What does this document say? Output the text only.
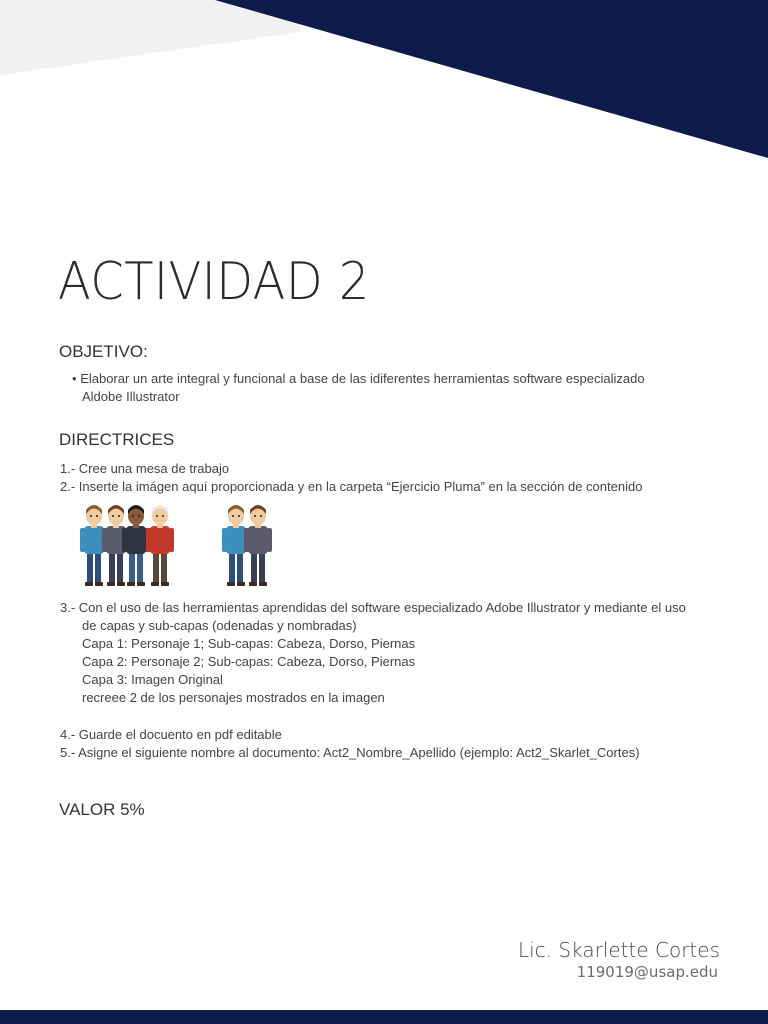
ACTIVIDAD 2
OBJETIVO:
• Elaborar un arte integral y funcional a base de las idiferentes herramientas software especializado
Aldobe Illustrator
DIRECTRICES

1.- Cree una mesa de trabajo

2.- Inserte la imágen aquí proporcionada y en la carpeta “Ejercicio Pluma” en la sección de contenido

3.- Con el uso de las herramientas aprendidas del software especializado Adobe Illustrator y mediante el uso

de capas y sub-capas (odenadas y nombradas)
Capa 1: Personaje 1; Sub-capas: Cabeza, Dorso, Piernas
Capa 2: Personaje 2; Sub-capas: Cabeza, Dorso, Piernas
Capa 3: Imagen Original
recreee 2 de los personajes mostrados en la imagen

4.- Guarde el docuento en pdf editable

5.- Asigne el siguiente nombre al documento: Act2_Nombre_Apellido (ejemplo: Act2_Skarlet_Cortes)

VALOR 5%
Lic. Skarlette Cortes
119019@usap.edu
